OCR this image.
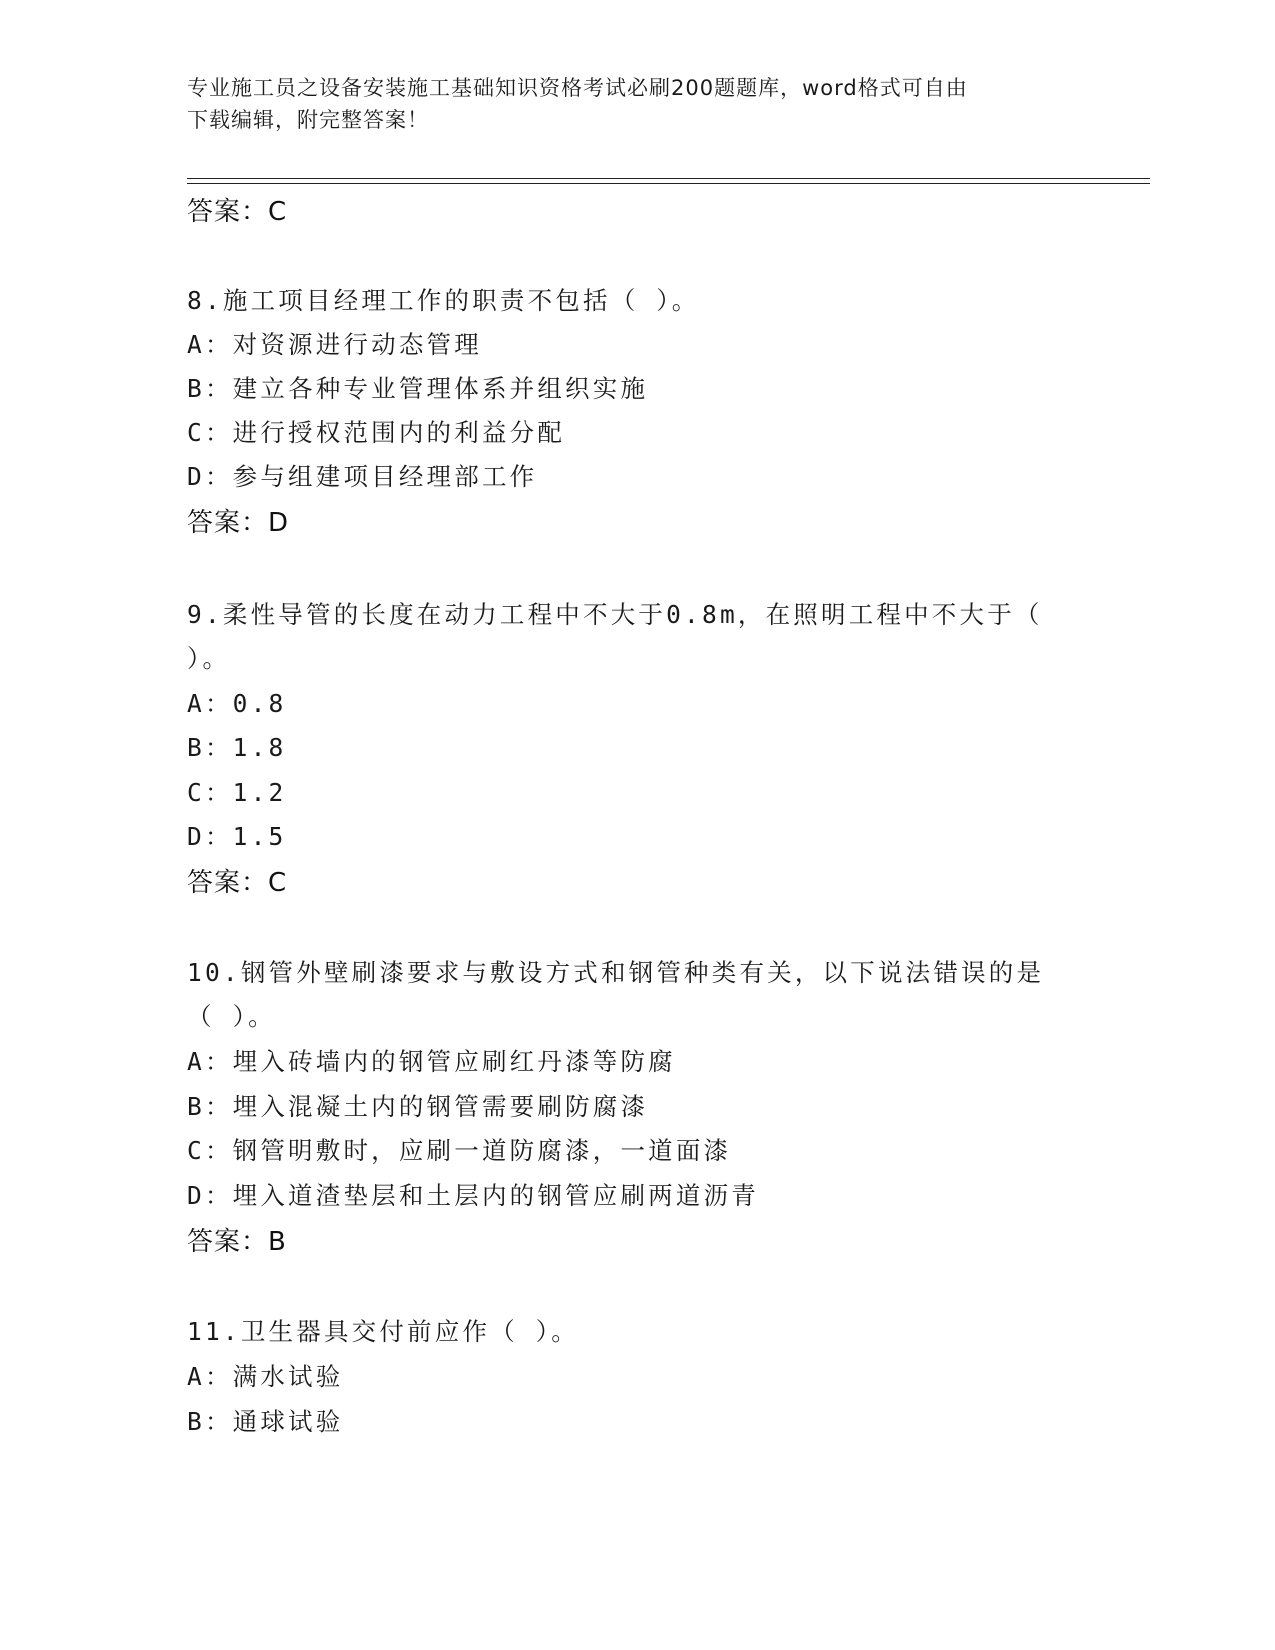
专业施工员之设备安装施工基础知识资格考试必刷200题题库，word格式可自由
下载编辑，附完整答案！
答案：C
8.施工项目经理工作的职责不包括（ ）。
A：对资源进行动态管理
B：建立各种专业管理体系并组织实施
C：进行授权范围内的利益分配
D：参与组建项目经理部工作
答案：D
9.柔性导管的长度在动力工程中不大于0.8m，在照明工程中不大于（
）。
A：0.8
B：1.8
C：1.2
D：1.5
答案：C
10.钢管外壁刷漆要求与敷设方式和钢管种类有关，以下说法错误的是
（ ）。
A：埋入砖墙内的钢管应刷红丹漆等防腐
B：埋入混凝土内的钢管需要刷防腐漆
C：钢管明敷时，应刷一道防腐漆，一道面漆
D：埋入道渣垫层和土层内的钢管应刷两道沥青
答案：B
11.卫生器具交付前应作（ ）。
A：满水试验
B：通球试验
